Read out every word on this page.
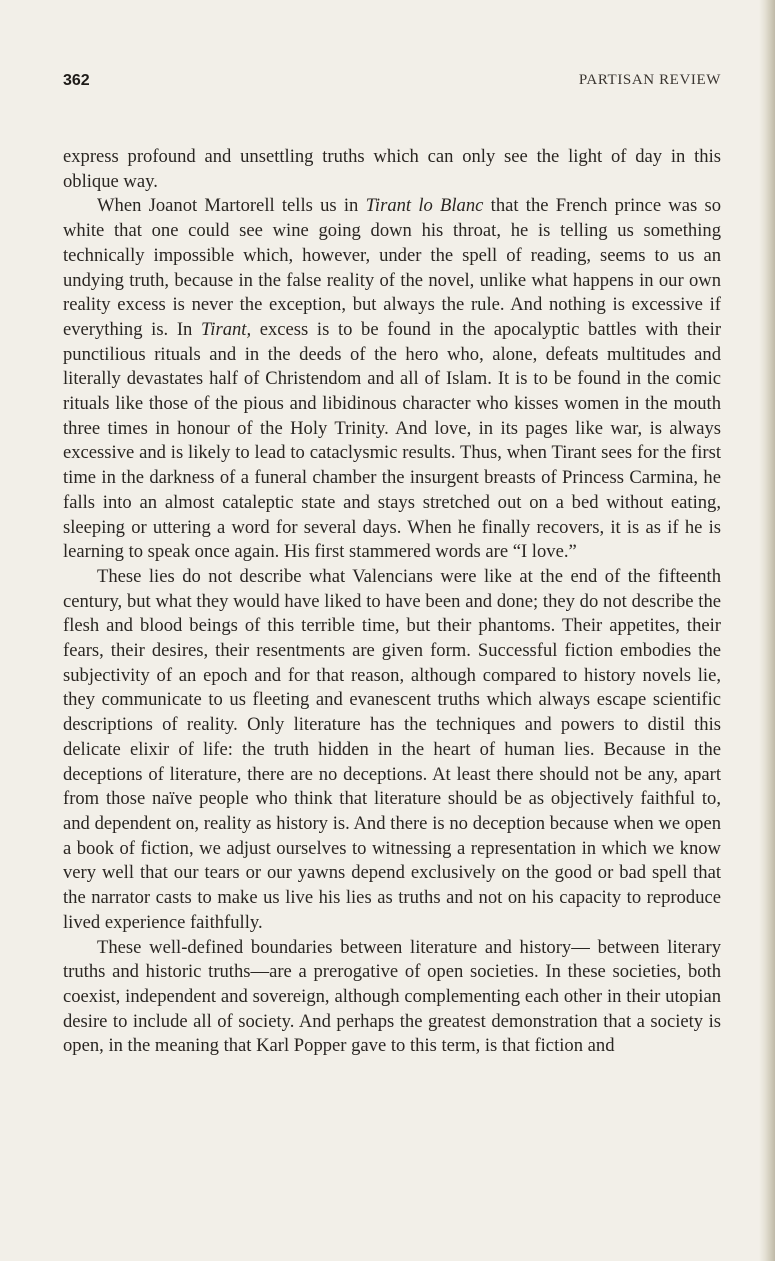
362	PARTISAN REVIEW

express profound and unsettling truths which can only see the light of day in this oblique way.

When Joanot Martorell tells us in Tirant lo Blanc that the French prince was so white that one could see wine going down his throat, he is telling us something technically impossible which, however, under the spell of reading, seems to us an undying truth, because in the false reality of the novel, unlike what happens in our own reality excess is never the exception, but always the rule. And nothing is excessive if everything is. In Tirant, excess is to be found in the apocalyptic battles with their punctilious rituals and in the deeds of the hero who, alone, defeats multitudes and literally devastates half of Christendom and all of Islam. It is to be found in the comic rituals like those of the pious and libidinous character who kisses women in the mouth three times in honour of the Holy Trinity. And love, in its pages like war, is always excessive and is likely to lead to cataclysmic results. Thus, when Tirant sees for the first time in the darkness of a funeral chamber the insurgent breasts of Princess Carmina, he falls into an almost cataleptic state and stays stretched out on a bed without eating, sleeping or uttering a word for several days. When he finally recovers, it is as if he is learning to speak once again. His first stammered words are “I love.”

These lies do not describe what Valencians were like at the end of the fifteenth century, but what they would have liked to have been and done; they do not describe the flesh and blood beings of this terrible time, but their phantoms. Their appetites, their fears, their desires, their resentments are given form. Successful fiction embodies the subjectivity of an epoch and for that reason, although compared to history novels lie, they communicate to us fleeting and evanescent truths which always escape scientific descriptions of reality. Only literature has the techniques and powers to distil this delicate elixir of life: the truth hidden in the heart of human lies. Because in the deceptions of literature, there are no deceptions. At least there should not be any, apart from those naïve people who think that literature should be as objectively faithful to, and dependent on, reality as history is. And there is no deception because when we open a book of fiction, we adjust ourselves to witnessing a representation in which we know very well that our tears or our yawns depend exclusively on the good or bad spell that the narrator casts to make us live his lies as truths and not on his capacity to reproduce lived experience faithfully.

These well-defined boundaries between literature and history— between literary truths and historic truths—are a prerogative of open societies. In these societies, both coexist, independent and sovereign, although complementing each other in their utopian desire to include all of society. And perhaps the greatest demonstration that a society is open, in the meaning that Karl Popper gave to this term, is that fiction and
